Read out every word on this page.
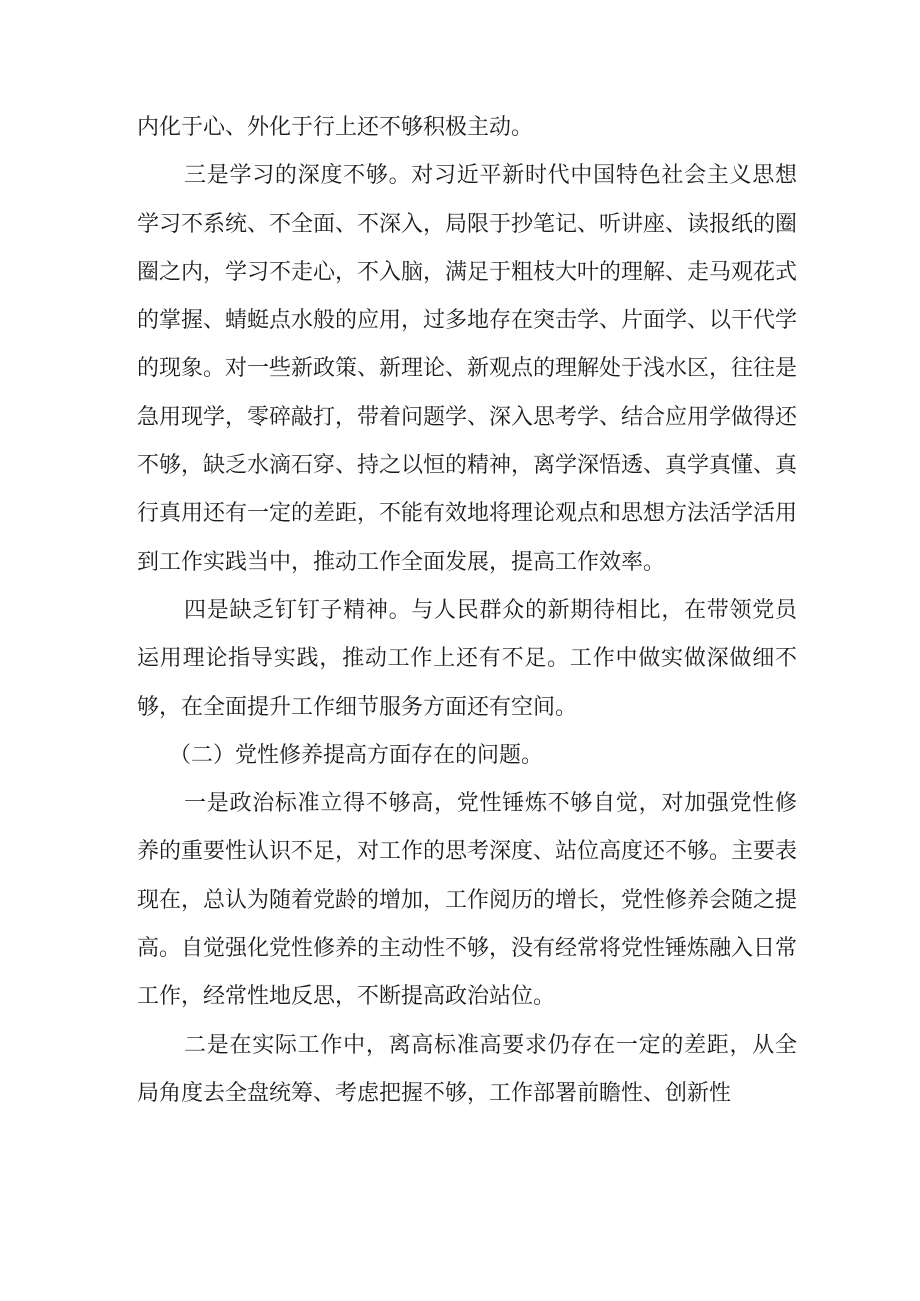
内化于心、外化于行上还不够积极主动。

三是学习的深度不够。对习近平新时代中国特色社会主义思想学习不系统、不全面、不深入，局限于抄笔记、听讲座、读报纸的圈圈之内，学习不走心，不入脑，满足于粗枝大叶的理解、走马观花式的掌握、蜻蜓点水般的应用，过多地存在突击学、片面学、以干代学的现象。对一些新政策、新理论、新观点的理解处于浅水区，往往是急用现学，零碎敲打，带着问题学、深入思考学、结合应用学做得还不够，缺乏水滴石穿、持之以恒的精神，离学深悟透、真学真懂、真行真用还有一定的差距，不能有效地将理论观点和思想方法活学活用到工作实践当中，推动工作全面发展，提高工作效率。

四是缺乏钉钉子精神。与人民群众的新期待相比，在带领党员运用理论指导实践，推动工作上还有不足。工作中做实做深做细不够，在全面提升工作细节服务方面还有空间。

（二）党性修养提高方面存在的问题。

一是政治标准立得不够高，党性锤炼不够自觉，对加强党性修养的重要性认识不足，对工作的思考深度、站位高度还不够。主要表现在，总认为随着党龄的增加，工作阅历的增长，党性修养会随之提高。自觉强化党性修养的主动性不够，没有经常将党性锤炼融入日常工作，经常性地反思，不断提高政治站位。

二是在实际工作中，离高标准高要求仍存在一定的差距，从全局角度去全盘统筹、考虑把握不够，工作部署前瞻性、创新性
